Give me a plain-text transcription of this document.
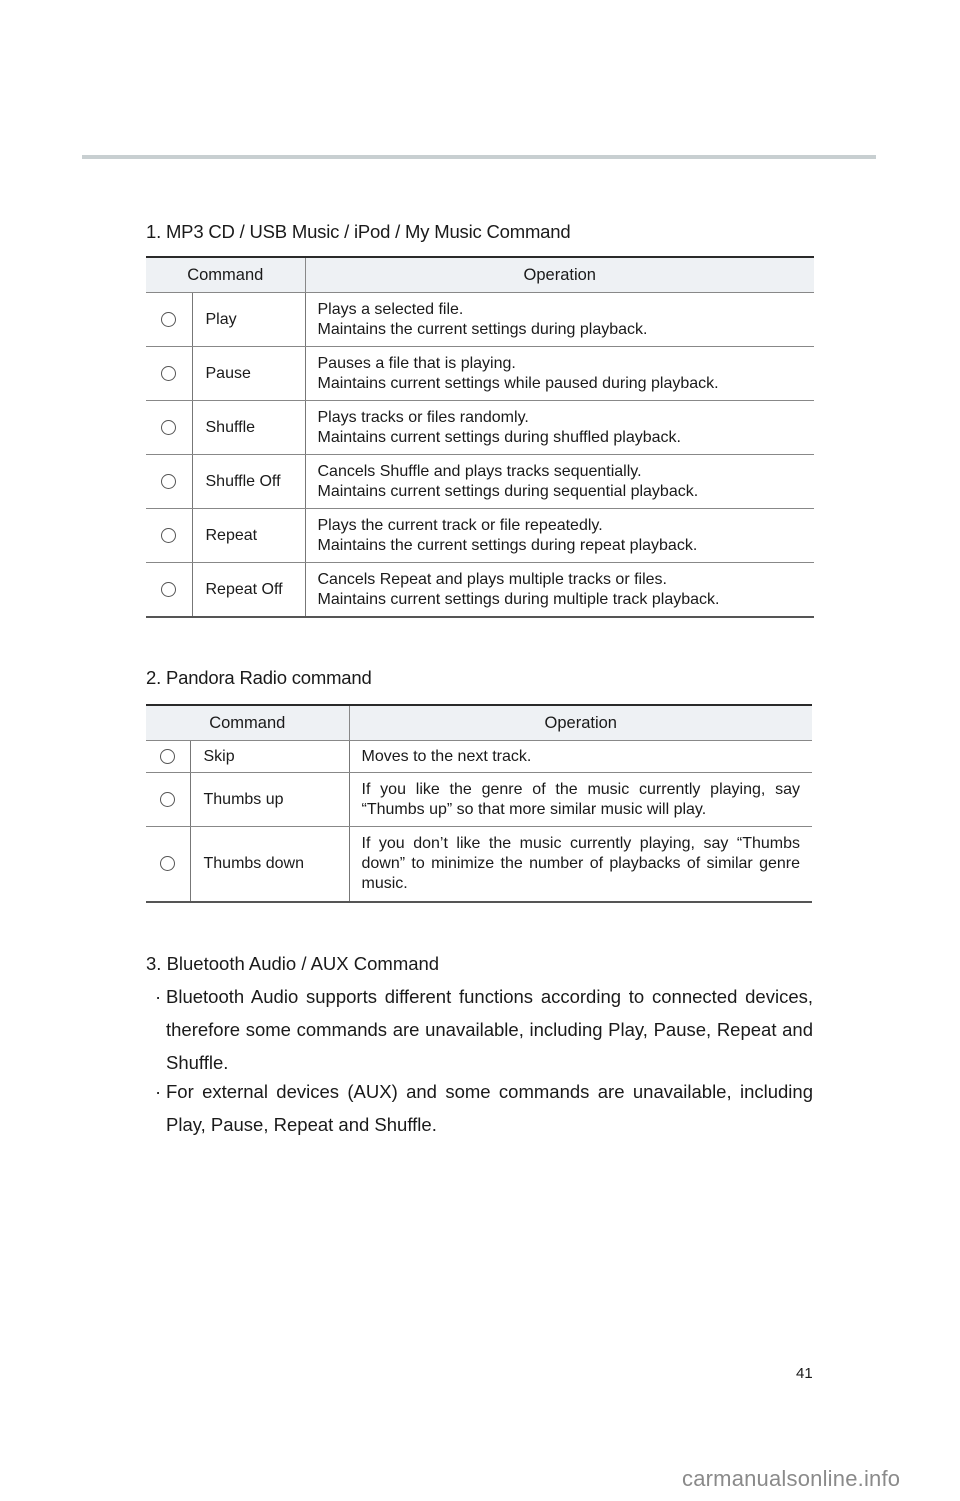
1. MP3 CD / USB Music / iPod / My Music Command
Command		Operation
	Play	Plays a selected file.
Maintains the current settings during playback.
	Pause	Pauses a file that is playing.
Maintains current settings while paused during playback.
	Shuffle	Plays tracks or files randomly.
Maintains current settings during shuffled playback.
	Shuffle Off	Cancels Shuffle and plays tracks sequentially.
Maintains current settings during sequential playback.
	Repeat	Plays the current track or file repeatedly.
Maintains the current settings during repeat playback.
	Repeat Off	Cancels Repeat and plays multiple tracks or files.
Maintains current settings during multiple track playback.
2. Pandora Radio command
Command		Operation
	Skip	Moves to the next track.
	Thumbs up	If you like the genre of the music currently playing, say “Thumbs up” so that more similar music will play.
	Thumbs down	If you don’t like the music currently playing, say “Thumbs down” to minimize the number of playbacks of similar genre music.
3. Bluetooth Audio / AUX Command
· Bluetooth Audio supports different functions according to connected devices, therefore some commands are unavailable, including Play, Pause, Repeat and Shuffle.
· For external devices (AUX) and some commands are unavailable, including Play, Pause, Repeat and Shuffle.
41
carmanualsonline.info
